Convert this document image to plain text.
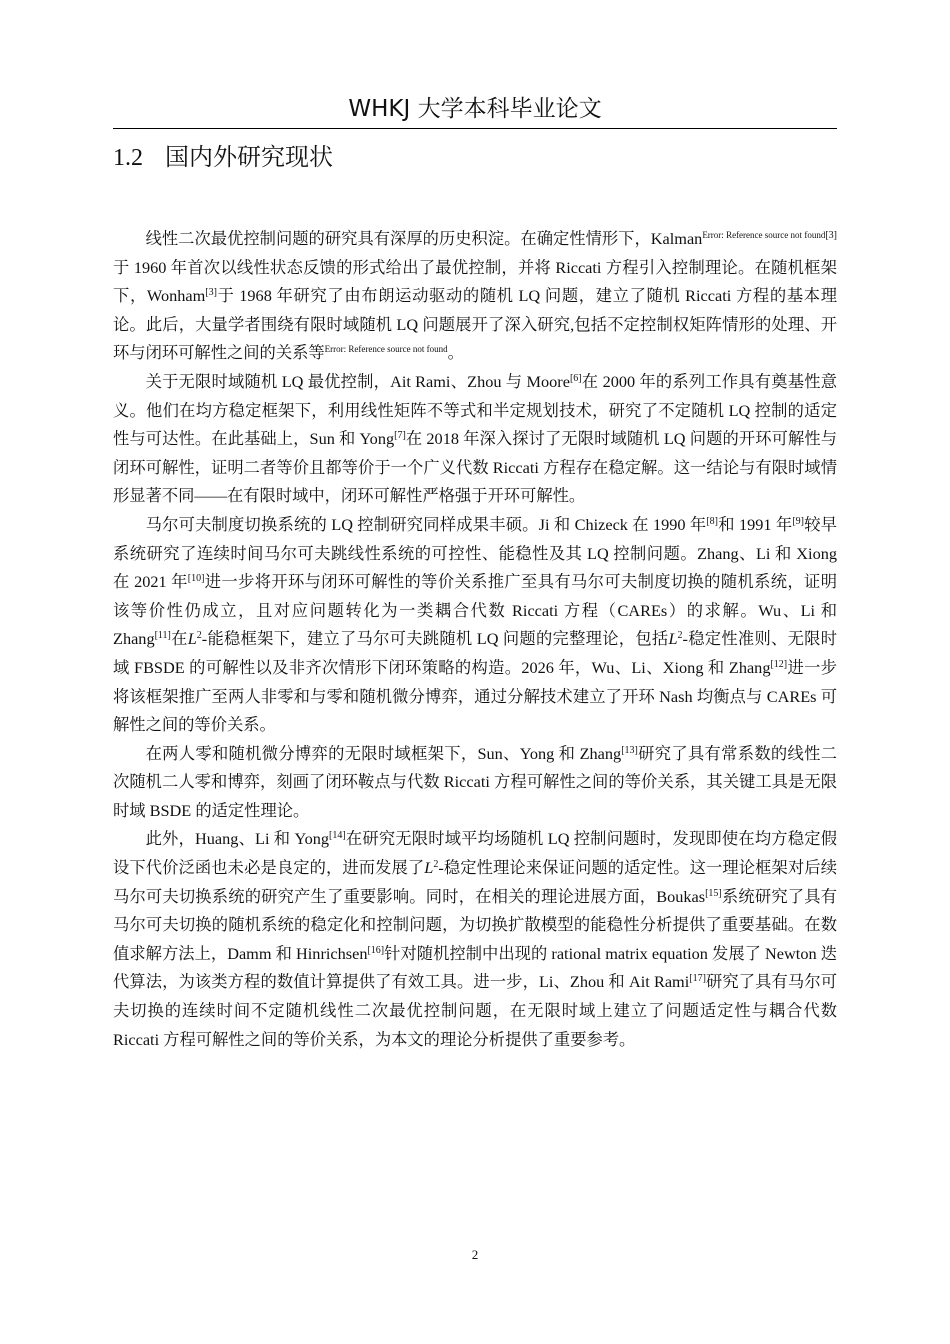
WHKJ 大学本科毕业论文
1.2 国内外研究现状

线性二次最优控制问题的研究具有深厚的历史积淀。在确定性情形下，Kalman$^{Error: Reference source not found[3]}$于 1960 年首次以线性状态反馈的形式给出了最优控制，并将 Riccati 方程引入控制理论。在随机框架下，Wonham[3]于 1968 年研究了由布朗运动驱动的随机 LQ 问题，建立了随机 Riccati 方程的基本理论。此后，大量学者围绕有限时域随机 LQ 问题展开了深入研究,包括不定控制权矩阵情形的处理、开环与闭环可解性之间的关系等$^{Error: Reference source not found}$。

关于无限时域随机 LQ 最优控制，Ait Rami、Zhou 与 Moore[6]在 2000 年的系列工作具有奠基性意义。他们在均方稳定框架下，利用线性矩阵不等式和半定规划技术，研究了不定随机 LQ 控制的适定性与可达性。在此基础上，Sun 和 Yong[7]在 2018 年深入探讨了无限时域随机 LQ 问题的开环可解性与闭环可解性，证明二者等价且都等价于一个广义代数 Riccati 方程存在稳定解。这一结论与有限时域情形显著不同——在有限时域中，闭环可解性严格强于开环可解性。

马尔可夫制度切换系统的 LQ 控制研究同样成果丰硕。Ji 和 Chizeck 在 1990 年[8]和 1991 年[9]较早系统研究了连续时间马尔可夫跳线性系统的可控性、能稳性及其 LQ 控制问题。Zhang、Li 和 Xiong 在 2021 年[10]进一步将开环与闭环可解性的等价关系推广至具有马尔可夫制度切换的随机系统，证明该等价性仍成立，且对应问题转化为一类耦合代数 Riccati 方程（CAREs）的求解。Wu、Li 和 Zhang[11]在$L^2-$能稳框架下，建立了马尔可夫跳随机 LQ 问题的完整理论，包括$L^2-$稳定性准则、无限时域 FBSDE 的可解性以及非齐次情形下闭环策略的构造。2026 年，Wu、Li、Xiong 和 Zhang[12]进一步将该框架推广至两人非零和与零和随机微分博弈，通过分解技术建立了开环 Nash 均衡点与 CAREs 可解性之间的等价关系。

在两人零和随机微分博弈的无限时域框架下，Sun、Yong 和 Zhang[13]研究了具有常系数的线性二次随机二人零和博弈，刻画了闭环鞍点与代数 Riccati 方程可解性之间的等价关系，其关键工具是无限时域 BSDE 的适定性理论。

此外，Huang、Li 和 Yong[14]在研究无限时域平均场随机 LQ 控制问题时，发现即使在均方稳定假设下代价泛函也未必是良定的，进而发展了$L^2-$稳定性理论来保证问题的适定性。这一理论框架对后续马尔可夫切换系统的研究产生了重要影响。同时，在相关的理论进展方面，Boukas[15]系统研究了具有马尔可夫切换的随机系统的稳定化和控制问题，为切换扩散模型的能稳性分析提供了重要基础。在数值求解方法上，Damm 和 Hinrichsen[16]针对随机控制中出现的 rational matrix equation 发展了 Newton 迭代算法，为该类方程的数值计算提供了有效工具。进一步，Li、Zhou 和 Ait Rami[17]研究了具有马尔可夫切换的连续时间不定随机线性二次最优控制问题，在无限时域上建立了问题适定性与耦合代数 Riccati 方程可解性之间的等价关系，为本文的理论分析提供了重要参考。

2
